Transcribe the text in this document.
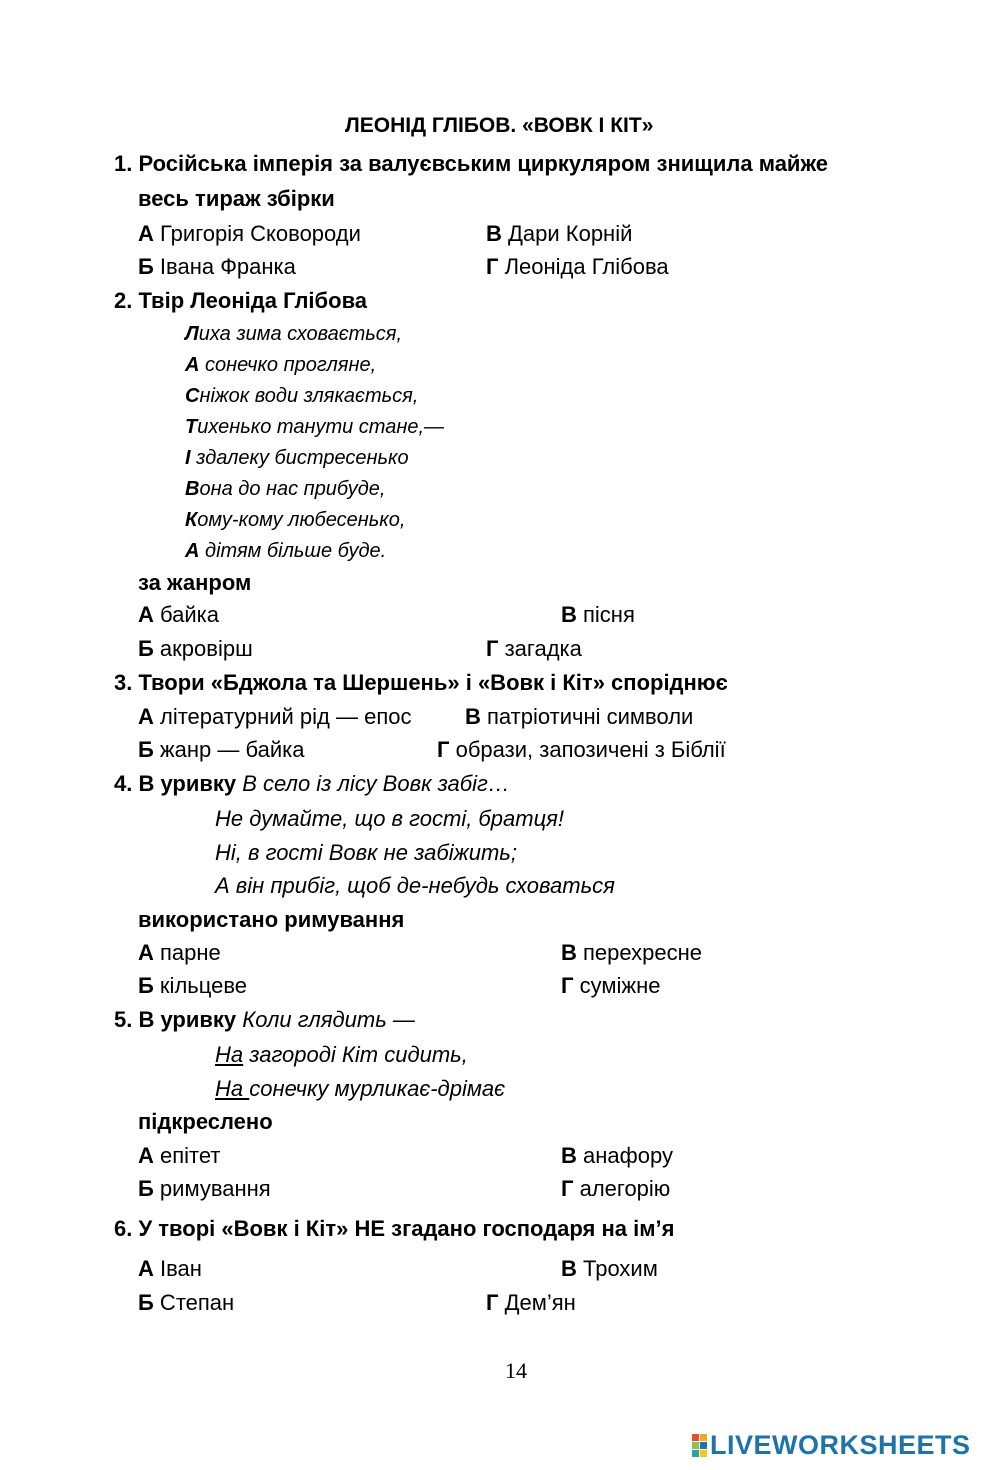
ЛЕОНІД ГЛІБОВ. «ВОВК І КІТ»
1. Російська імперія за валуєвським циркуляром знищила майже
весь тираж збірки
А Григорія Сковороди	В Дари Корній
Б Івана Франка	Г Леоніда Глібова
2. Твір Леоніда Глібова
Лиха зима сховається,
А сонечко прогляне,
Сніжок води злякається,
Тихенько танути стане,—
І здалеку бистресенько
Вона до нас прибуде,
Кому-кому любесенько,
А дітям більше буде.
за жанром
А байка	В пісня
Б акровірш	Г загадка
3. Твори «Бджола та Шершень» і «Вовк і Кіт» споріднює
А літературний рід — епос В патріотичні символи
Б жанр — байка	Г образи, запозичені з Біблії
4. В уривку В село із лісу Вовк забіг…
Не думайте, що в гості, братця!
Ні, в гості Вовк не забіжить;
А він прибіг, щоб де-небудь сховаться
використано римування
А парне	В перехресне
Б кільцеве	Г суміжне
5. В уривку Коли глядить —
На загороді Кіт сидить,
На сонечку мурликає-дрімає
підкреслено
А епітет	В анафору
Б римування	Г алегорію
6. У творі «Вовк і Кіт» НЕ згадано господаря на ім’я
А Іван	В Трохим
Б Степан	Г Дем’ян
14
LIVEWORKSHEETS
